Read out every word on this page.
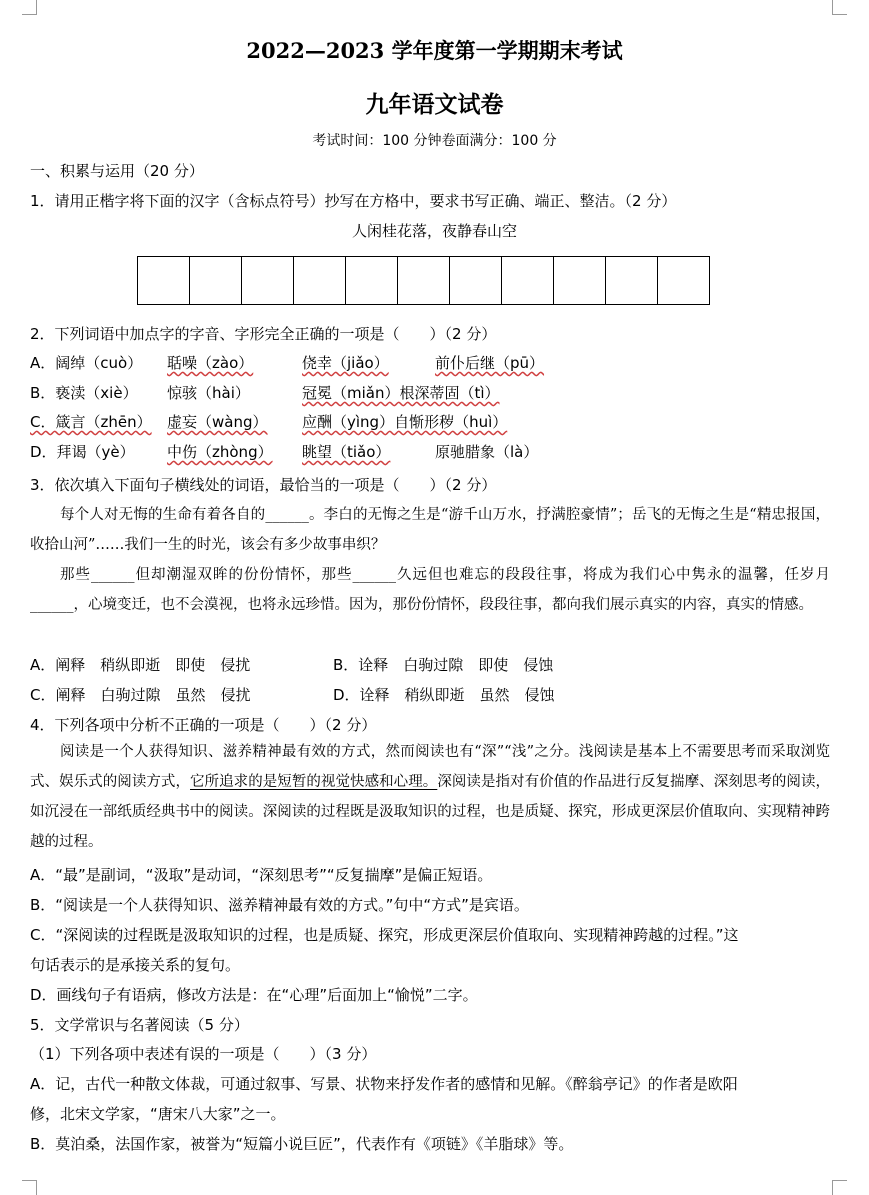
2022—2023 学年度第一学期期末考试
九年语文试卷
考试时间：100 分钟卷面满分：100 分
一、积累与运用（20 分）
1．请用正楷字将下面的汉字（含标点符号）抄写在方格中，要求书写正确、端正、整洁。（2 分）
人闲桂花落，夜静春山空
2．下列词语中加点字的字音、字形完全正确的一项是（　　）（2 分）
A．阔绰（cuò） 聒噪（zào）	侥幸（jiǎo）	前仆后继（pū）
B．亵渎（xiè） 惊骇（hài）	冠冕（miǎn）根深蒂固（tì）
C．箴言（zhēn） 虚妄（wàng） 应酬（yìng）自惭形秽（huì）
D．拜谒（yè） 中伤（zhòng） 眺望（tiǎo）	原驰腊象（là）
3．依次填入下面句子横线处的词语，最恰当的一项是（　　）（2 分）
每个人对无悔的生命有着各自的______。李白的无悔之生是“游千山万水，抒满腔豪情”；岳飞的无悔之生是“精忠报国，收拾山河”……我们一生的时光，该会有多少故事串织？
那些______但却潮湿双眸的份份情怀，那些______久远但也难忘的段段往事，将成为我们心中隽永的温馨，任岁月______，心境变迁，也不会漠视，也将永远珍惜。因为，那份份情怀，段段往事，都向我们展示真实的内容，真实的情感。
A．阐释　稍纵即逝　即使　侵扰	B．诠释　白驹过隙　即使　侵蚀
C．阐释　白驹过隙　虽然　侵扰	D．诠释　稍纵即逝　虽然　侵蚀
4．下列各项中分析不正确的一项是（　　）（2 分）
阅读是一个人获得知识、滋养精神最有效的方式，然而阅读也有“深”“浅”之分。浅阅读是基本上不需要思考而采取浏览式、娱乐式的阅读方式，它所追求的是短暂的视觉快感和心理。深阅读是指对有价值的作品进行反复揣摩、深刻思考的阅读，如沉浸在一部纸质经典书中的阅读。深阅读的过程既是汲取知识的过程，也是质疑、探究，形成更深层价值取向、实现精神跨越的过程。
A．“最”是副词，“汲取”是动词，“深刻思考”“反复揣摩”是偏正短语。
B．“阅读是一个人获得知识、滋养精神最有效的方式。”句中“方式”是宾语。
C．“深阅读的过程既是汲取知识的过程，也是质疑、探究，形成更深层价值取向、实现精神跨越的过程。”这
句话表示的是承接关系的复句。
D．画线句子有语病，修改方法是：在“心理”后面加上“愉悦”二字。
5．文学常识与名著阅读（5 分）
（1）下列各项中表述有误的一项是（　　）（3 分）
A．记，古代一种散文体裁，可通过叙事、写景、状物来抒发作者的感情和见解。《醉翁亭记》的作者是欧阳
修，北宋文学家，“唐宋八大家”之一。
B．莫泊桑，法国作家，被誉为“短篇小说巨匠”，代表作有《项链》《羊脂球》等。
